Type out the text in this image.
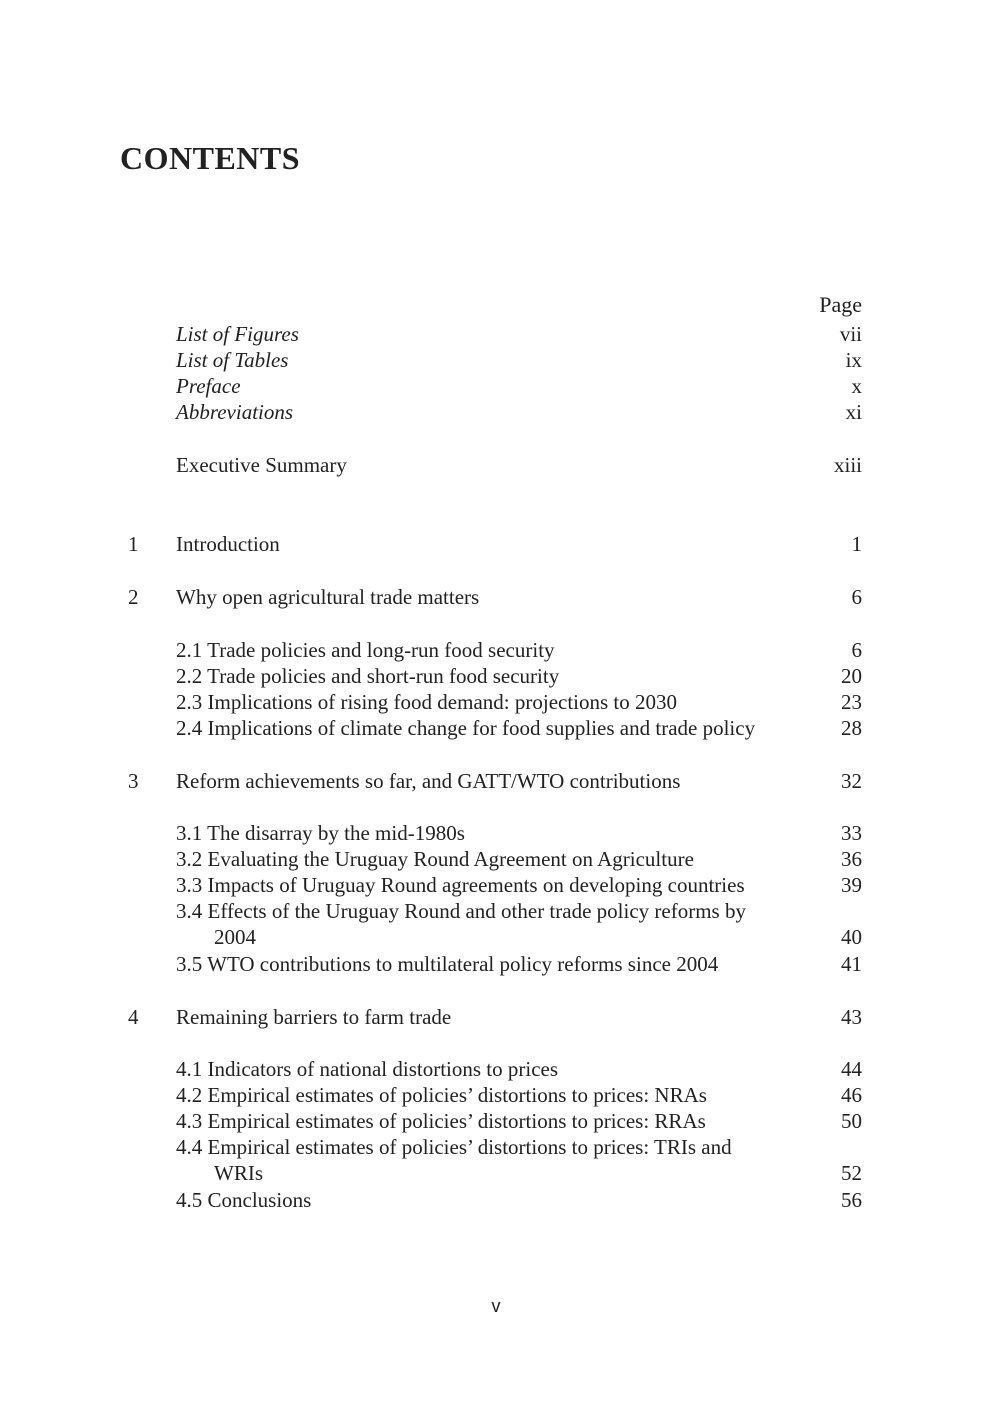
CONTENTS
Page
List of Figures	vii
List of Tables	ix
Preface	x
Abbreviations	xi
Executive Summary	xiii
1 Introduction	1
2 Why open agricultural trade matters	6
2.1 Trade policies and long-run food security	6
2.2 Trade policies and short-run food security	20
2.3 Implications of rising food demand: projections to 2030	23
2.4 Implications of climate change for food supplies and trade policy	28
3 Reform achievements so far, and GATT/WTO contributions	32
3.1 The disarray by the mid-1980s	33
3.2 Evaluating the Uruguay Round Agreement on Agriculture	36
3.3 Impacts of Uruguay Round agreements on developing countries	39
3.4 Effects of the Uruguay Round and other trade policy reforms by
2004	40
3.5 WTO contributions to multilateral policy reforms since 2004	41
4 Remaining barriers to farm trade	43
4.1 Indicators of national distortions to prices	44
4.2 Empirical estimates of policies’ distortions to prices: NRAs	46
4.3 Empirical estimates of policies’ distortions to prices: RRAs	50
4.4 Empirical estimates of policies’ distortions to prices: TRIs and
WRIs	52
4.5 Conclusions	56
v
